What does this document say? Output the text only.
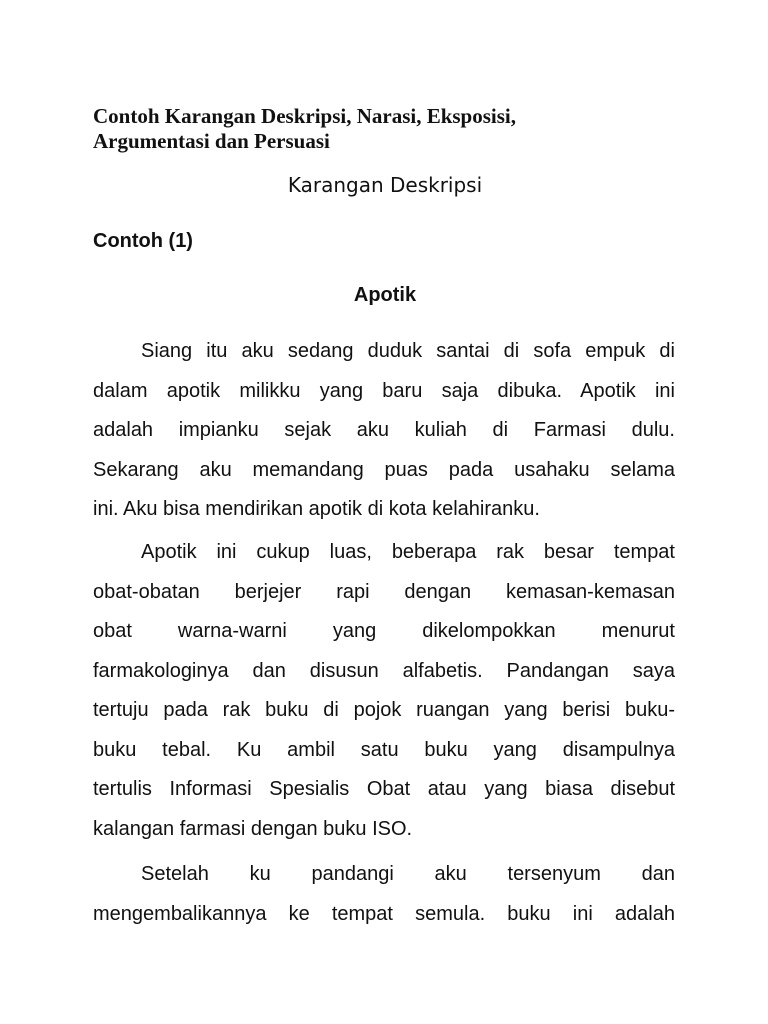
Contoh Karangan Deskripsi, Narasi, Eksposisi,
Argumentasi dan Persuasi
Karangan Deskripsi
Contoh (1)
Apotik
Siang itu aku sedang duduk santai di sofa empuk di
dalam apotik milikku yang baru saja dibuka. Apotik ini
adalah impianku sejak aku kuliah di Farmasi dulu.
Sekarang aku memandang puas pada usahaku selama
ini. Aku bisa mendirikan apotik di kota kelahiranku.
Apotik ini cukup luas, beberapa rak besar tempat
obat-obatan berjejer rapi dengan kemasan-kemasan
obat warna-warni yang dikelompokkan menurut
farmakologinya dan disusun alfabetis. Pandangan saya
tertuju pada rak buku di pojok ruangan yang berisi buku-
buku tebal. Ku ambil satu buku yang disampulnya
tertulis Informasi Spesialis Obat atau yang biasa disebut
kalangan farmasi dengan buku ISO.
Setelah ku pandangi aku tersenyum dan
mengembalikannya ke tempat semula. buku ini adalah
